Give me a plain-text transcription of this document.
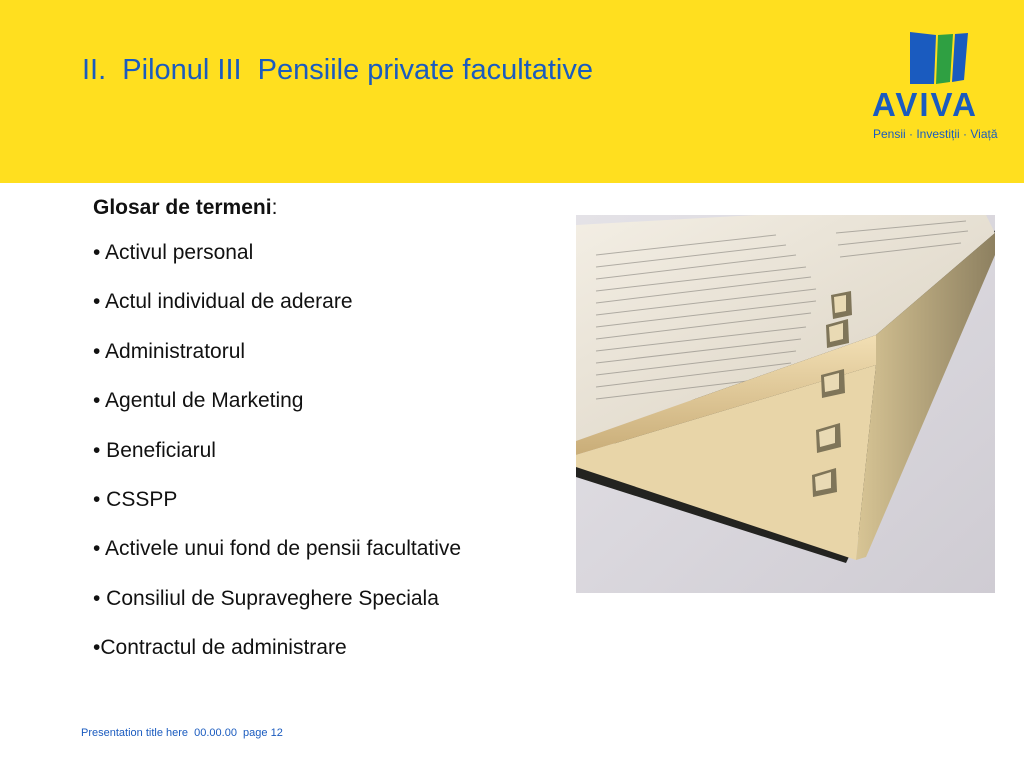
II.  Pilonul III  Pensiile private facultative
AVIVA
Pensii · Investiții · Viață

Glosar de termeni:

• Activul personal
• Actul individual de aderare
• Administratorul
• Agentul de Marketing
• Beneficiarul
• CSSPP
• Activele unui fond de pensii facultative
• Consiliul de Supraveghere Speciala
•Contractul de administrare
Presentation title here  00.00.00  page 12
